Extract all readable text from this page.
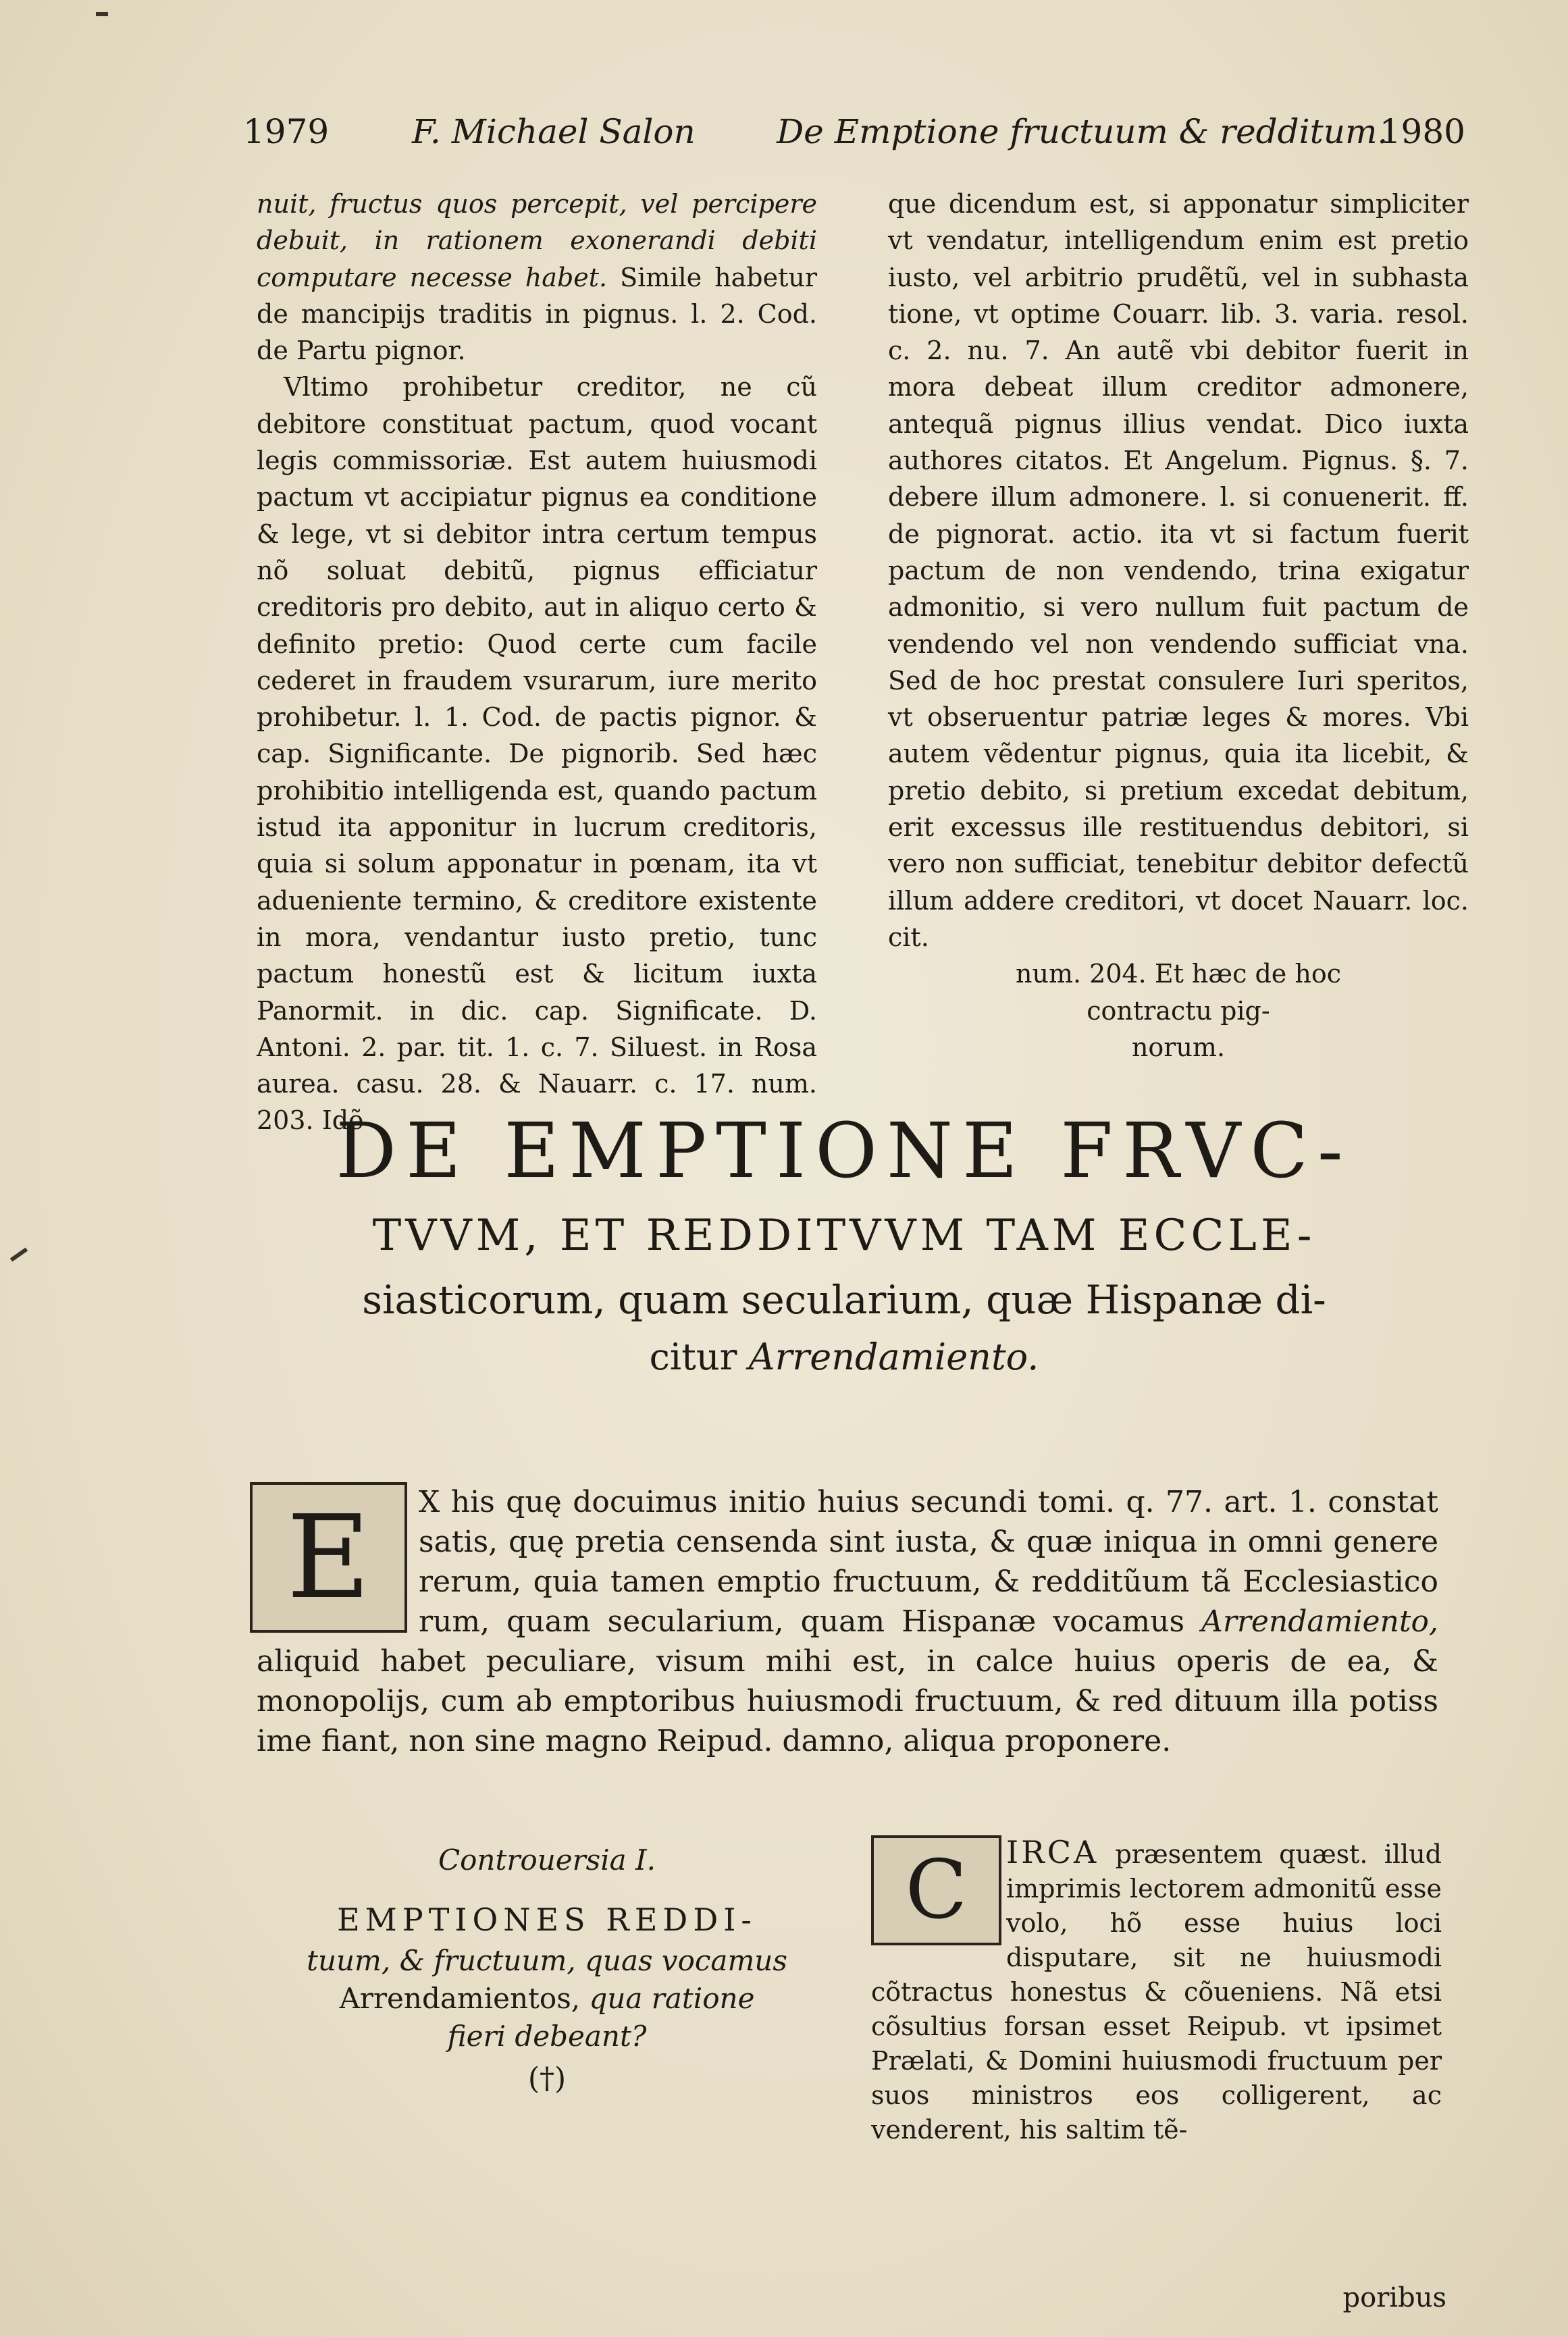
1979 F. Michael Salon De Emptione fructuum & redditum.
1980

nuit, fructus quos percepit, vel percipere debuit, in rationem exonerandi debiti computare necesse habet. Simile habetur de mancipijs traditis in pignus. l. 2. Cod. de Partu pignor.

Vltimo prohibetur creditor, ne cũ debitore constituat pactum, quod vocant legis commissoriæ. Est autem huiusmodi pactum vt accipiatur pignus ea conditione & lege, vt si debitor intra certum tempus nõ soluat debitũ, pignus efficiatur creditoris pro debito, aut in aliquo certo & definito pretio: Quod certe cum facile cederet in fraudem vsurarum, iure merito prohibetur. l. 1. Cod. de pactis pignor. & cap. Significante. De pignorib. Sed hæc prohibitio intelligenda est, quando pactum istud ita apponitur in lucrum creditoris, quia si solum apponatur in pœnam, ita vt adueniente termino, & creditore existente in mora, vendantur iusto pretio, tunc pactum honestũ est & licitum iuxta Panormit. in dic. cap. Significate. D. Antoni. 2. par. tit. 1. c. 7. Siluest. in Rosa aurea. casu. 28. & Nauarr. c. 17. num. 203. Idẽ

que dicendum est, si apponatur simpliciter vt vendatur, intelligendum enim est pretio iusto, vel arbitrio prudẽtũ, vel in subhasta tione, vt optime Couarr. lib. 3. varia. resol. c. 2. nu. 7. An autẽ vbi debitor fuerit in mora debeat illum creditor admonere, antequã pignus illius vendat. Dico iuxta authores citatos. Et Angelum. Pignus. §. 7. debere illum admonere. l. si conuenerit. ff. de pignorat. actio. ita vt si factum fuerit pactum de non vendendo, trina exigatur admonitio, si vero nullum fuit pactum de vendendo vel non vendendo sufficiat vna. Sed de hoc prestat consulere Iuri speritos, vt obseruentur patriæ leges & mores. Vbi autem vẽdentur pignus, quia ita licebit, & pretio debito, si pretium excedat debitum, erit excessus ille restituendus debitori, si vero non sufficiat, tenebitur debitor defectũ illum addere creditori, vt docet Nauarr. loc. cit.

num. 204. Et hæc de hoc

contractu pig-

norum.

DE EMPTIONE FRVC-
TVVM, ET REDDITVVM TAM ECCLE-
siasticorum, quam secularium, quæ Hispanæ di-
citur Arrendamiento.
X his quę docuimus initio huius secundi tomi. q. 77. art. 1. constat satis, quę pretia censenda sint iusta, & quæ iniqua in omni genere rerum, quia tamen emptio fructuum, & redditũum tã Ecclesiastico rum, quam secularium, quam Hispanæ vocamus Arrendamiento, aliquid habet peculiare, visum mihi est, in calce huius operis de ea, & monopolijs, cum ab emptoribus huiusmodi fructuum, & red dituum illa potiss ime fiant, non sine magno Reipud. damno, aliqua proponere.
E
Controuersia I.
EMPTIONES REDDI-
tuum, & fructuum, quas vocamus
Arrendamientos, qua ratione
fieri debeant?
(†)
IRCA præsentem quæst. illud imprimis lectorem admonitũ esse volo, hõ esse huius loci disputare, sit ne huiusmodi cõtractus honestus & cõueniens. Nã etsi cõsultius forsan esset Reipub. vt ipsimet Prælati, & Domini huiusmodi fructuum per suos ministros eos colligerent, ac venderent, his saltim tẽ-
C
poribus
